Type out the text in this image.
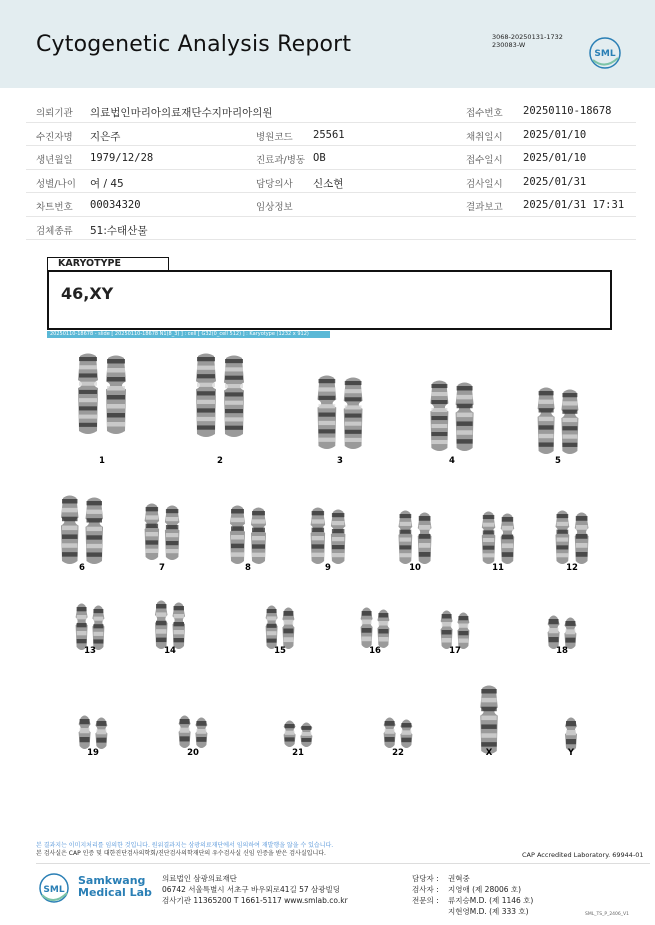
Cytogenetic Analysis Report	3068-20250131-1732
230083-W
SML
의뢰기관 의료법인마리아의료재단수지마리아의원	접수번호 20250110-18678
수진자명 지은주	병원코드 25561	채취일시 2025/01/10
생년월일 1979/12/28	진료과/병동 OB	접수일시 2025/01/10
성별/나이 여 / 45	담당의사 신소현	검사일시 2025/01/31
차트번호 00034320	임상정보	결과보고 2025/01/31 17:31
검체종류 51:수태산물
KARYOTYPE
46,XY
20250110-18678 - slide [ 20250110-18678 N1(8_3) ] : cell [ G32(0_cell 512) ] : Karyotype (1232 x 912)
1	2	3	4	5
6	7	8	9	10	11	12
13	14	15	16	17	18
19	20	21	22	X	Y
본 결과지는 이미지처리를 임의한 것입니다. 원위결과지는 삼광의료재단에서 임의하여 재발행을 않을 수 있습니다.
본 검사실은 CAP 인증 및 대한진단검사의학회/진단검사의학재단의 우수검사실 신임 인증을 받은 검사실입니다.	CAP Accredited Laboratory. 69944-01
SML
Samkwang
Medical Lab
의료법인 삼광의료재단
06742 서울특별시 서초구 바우뫼로41길 57 삼광빌딩
검사기관 11365200 T 1661-5117 www.smlab.co.kr
담당자 :	권혁중
검사자 :	지영애 (제 28006 호)
전문의 :	류지승M.D. (제 1146 호)
지현영M.D. (제 333 호)	SML_TS_P_2406_V1
